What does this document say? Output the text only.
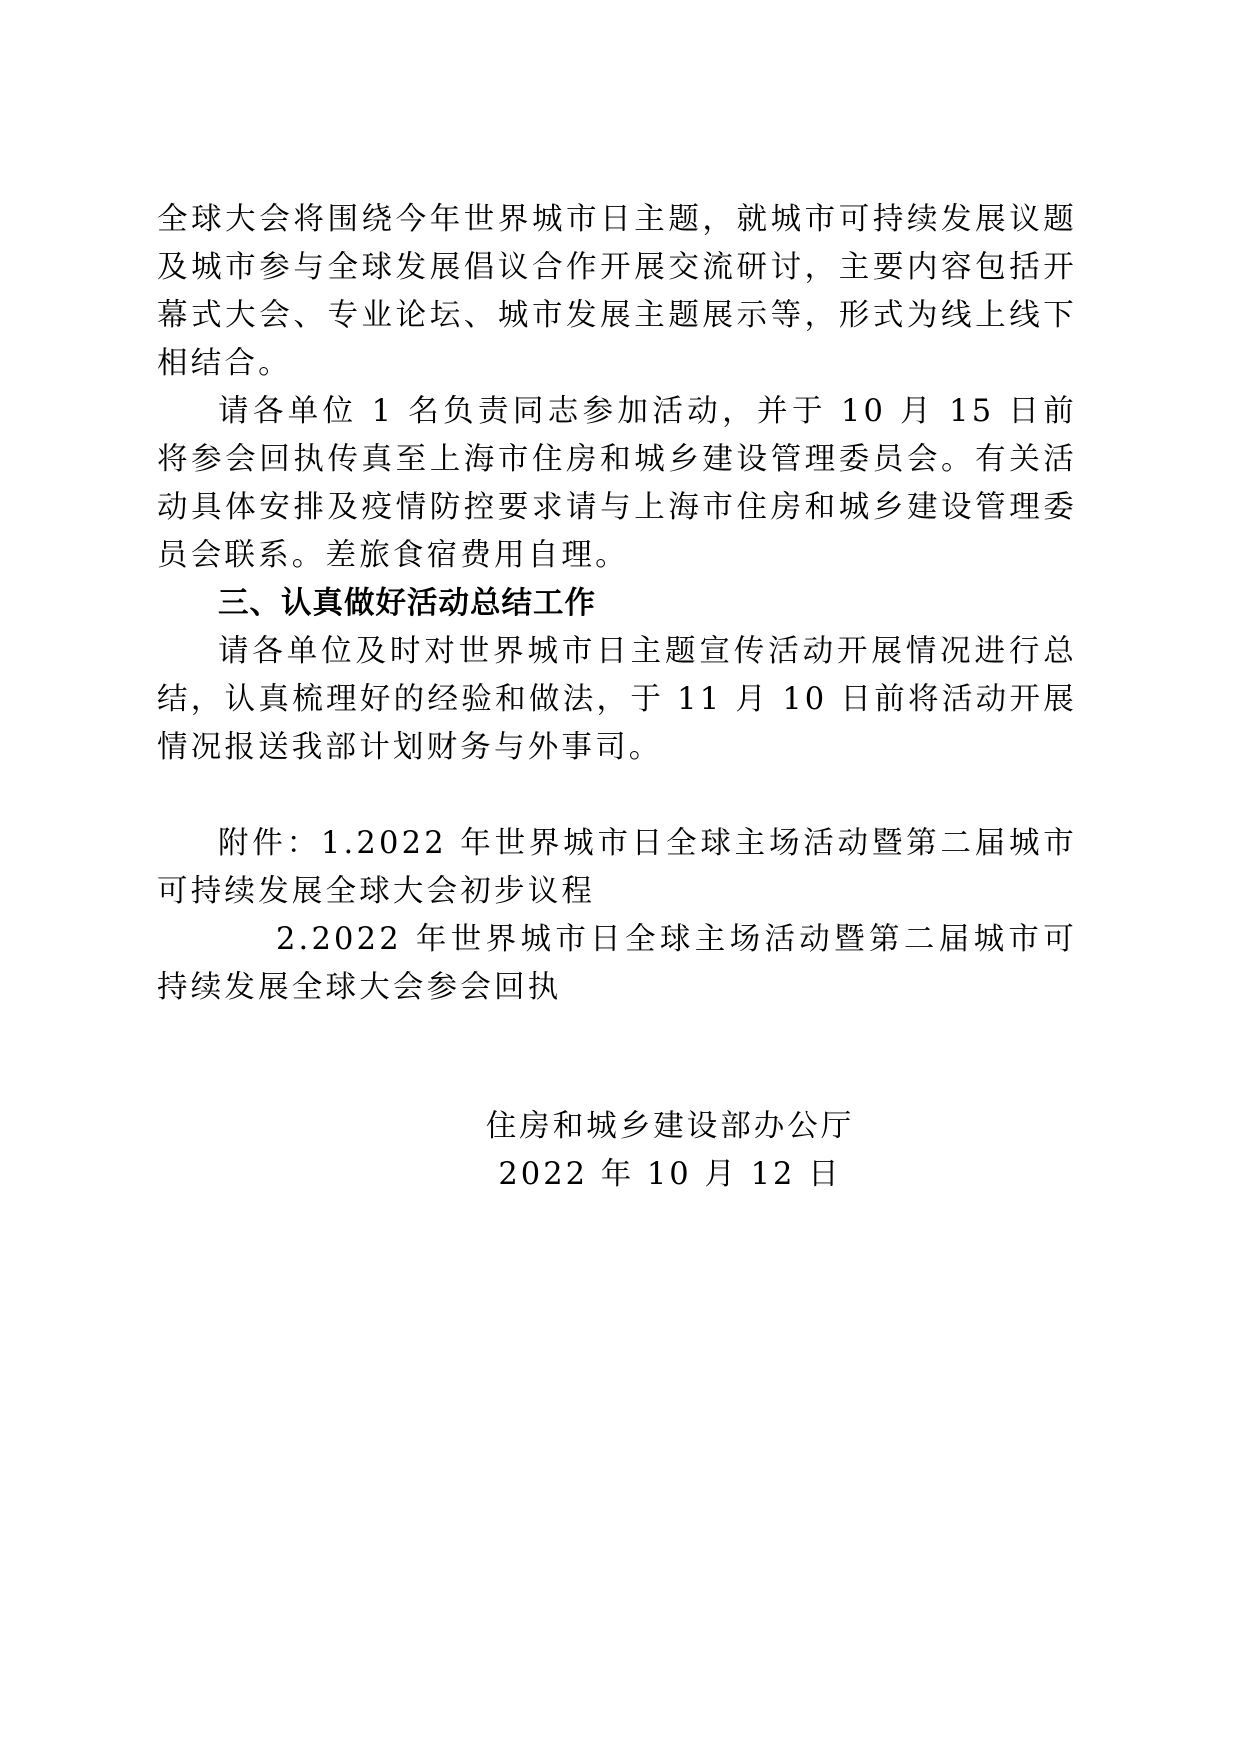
全球大会将围绕今年世界城市日主题，就城市可持续发展议题及城市参与全球发展倡议合作开展交流研讨，主要内容包括开幕式大会、专业论坛、城市发展主题展示等，形式为线上线下相结合。

请各单位 1 名负责同志参加活动，并于 10 月 15 日前将参会回执传真至上海市住房和城乡建设管理委员会。有关活动具体安排及疫情防控要求请与上海市住房和城乡建设管理委员会联系。差旅食宿费用自理。

三、认真做好活动总结工作

请各单位及时对世界城市日主题宣传活动开展情况进行总结，认真梳理好的经验和做法，于 11 月 10 日前将活动开展情况报送我部计划财务与外事司。

附件：1.2022 年世界城市日全球主场活动暨第二届城市可持续发展全球大会初步议程

2.2022 年世界城市日全球主场活动暨第二届城市可持续发展全球大会参会回执

住房和城乡建设部办公厅
2022 年 10 月 12 日
